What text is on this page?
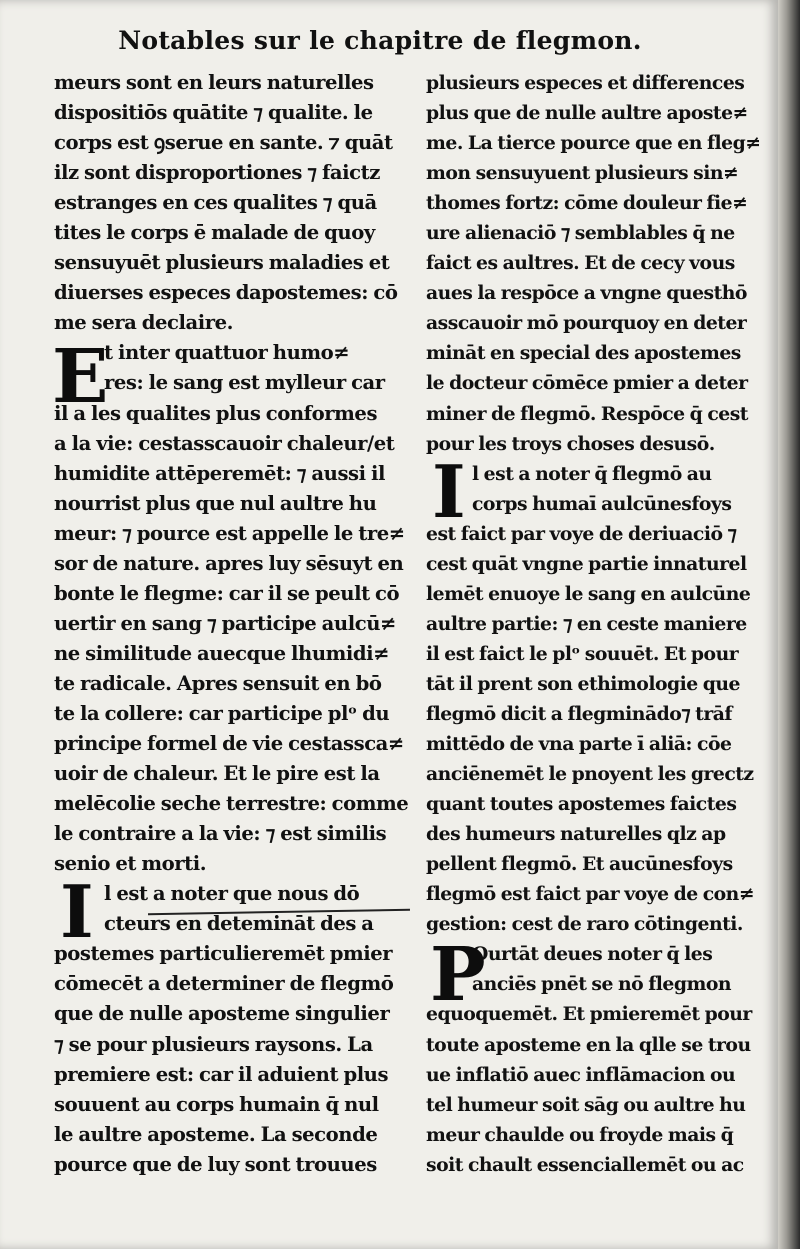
Notables sur le chapitre de flegmon.
meurs sont en leurs naturelles
dispositiōs quātite ⁊ qualite. le
corps est ꝯserue en sante. ⁊ quāt
ilz sont disproportiones ⁊ faictz
estranges en ces qualites ⁊ quā
tites le corps ē malade de quoy
sensuyuēt plusieurs maladies et
diuerses especes dapostemes: cō
me sera declaire.
t inter quattuor humo≠
res: le sang est mylleur car
il a les qualites plus conformes
a la vie: cestasscauoir chaleur/et
humidite attēperemēt: ⁊ aussi il
nourrist plus que nul aultre hu
meur: ⁊ pource est appelle le tre≠
sor de nature. apres luy sēsuyt en
bonte le flegme: car il se peult cō
uertir en sang ⁊ participe aulcū≠
ne similitude auecque lhumidi≠
te radicale. Apres sensuit en bō
te la collere: car participe plᵒ du
principe formel de vie cestassca≠
uoir de chaleur. Et le pire est la
melēcolie seche terrestre: comme
le contraire a la vie: ⁊ est similis
senio et morti.
l est a noter que nous dō
cteurs en detemināt des a
postemes particulieremēt pmier
cōmecēt a determiner de flegmō
que de nulle aposteme singulier
⁊ se pour plusieurs raysons. La
premiere est: car il aduient plus
souuent au corps humain q̄ nul
le aultre aposteme. La seconde
pource que de luy sont trouues
plusieurs especes et differences
plus que de nulle aultre aposte≠
me. La tierce pource que en fleg≠
mon sensuyuent plusieurs sin≠
thomes fortz: cōme douleur fie≠
ure alienaciō ⁊ semblables q̄ ne
faict es aultres. Et de cecy vous
aues la respōce a vngne questhō
asscauoir mō pourquoy en deter
mināt en special des apostemes
le docteur cōmēce pmier a deter
miner de flegmō. Respōce q̄ cest
pour les troys choses desusō.
l est a noter q̄ flegmō au
corps humaī aulcūnesfoys
est faict par voye de deriuaciō ⁊
cest quāt vngne partie innaturel
lemēt enuoye le sang en aulcūne
aultre partie: ⁊ en ceste maniere
il est faict le plᵒ souuēt. Et pour
tāt il prent son ethimologie que
flegmō dicit a flegminādo⁊ trāf
mittēdo de vna parte ī aliā: cōe
anciēnemēt le pnoyent les grectz
quant toutes apostemes faictes
des humeurs naturelles qlz ap
pellent flegmō. Et aucūnesfoys
flegmō est faict par voye de con≠
gestion: cest de raro cōtingenti.
Ourtāt deues noter q̄ les
anciēs pnēt se nō flegmon
equoquemēt. Et pmieremēt pour
toute aposteme en la qlle se trou
ue inflatiō auec inflāmacion ou
tel humeur soit sāg ou aultre hu
meur chaulde ou froyde mais q̄
soit chault essenciallemēt ou ac
E
I
I
P
